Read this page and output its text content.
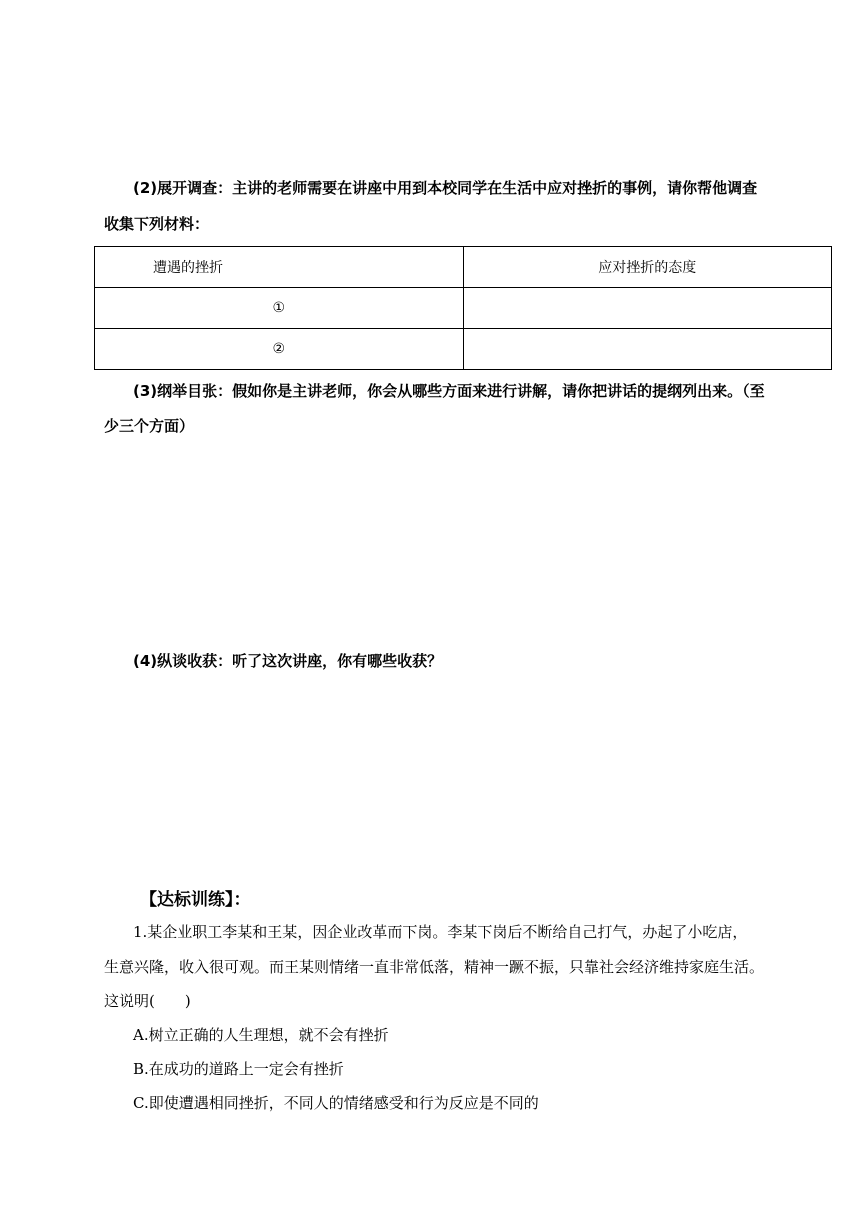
(2)展开调查：主讲的老师需要在讲座中用到本校同学在生活中应对挫折的事例，请你帮他调查
收集下列材料：
遭遇的挫折	应对挫折的态度
①	
②	
(3)纲举目张：假如你是主讲老师，你会从哪些方面来进行讲解，请你把讲话的提纲列出来。（至
少三个方面）
(4)纵谈收获：听了这次讲座，你有哪些收获？
【达标训练】：
1.某企业职工李某和王某，因企业改革而下岗。李某下岗后不断给自己打气，办起了小吃店，
生意兴隆，收入很可观。而王某则情绪一直非常低落，精神一蹶不振，只靠社会经济维持家庭生活。
这说明(　　)
A.树立正确的人生理想，就不会有挫折
B.在成功的道路上一定会有挫折
C.即使遭遇相同挫折，不同人的情绪感受和行为反应是不同的
